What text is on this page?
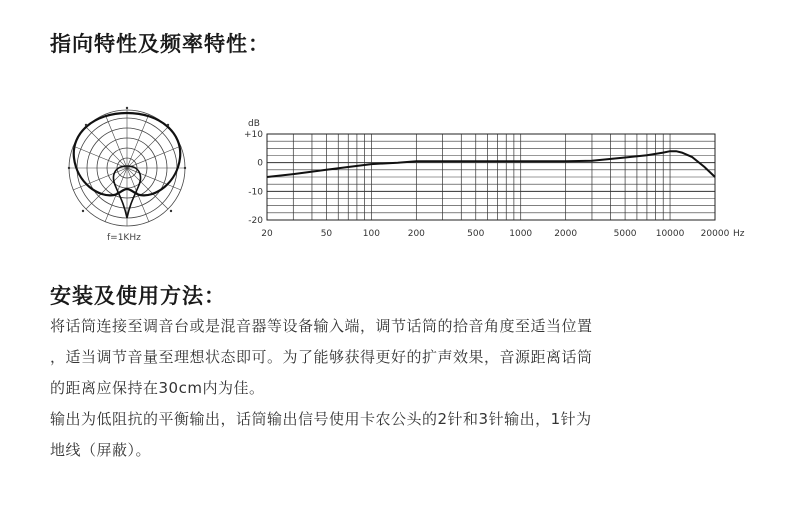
指向特性及频率特性：
f=1KHz
dB
+10
0
-10
-20
20	50	100	200	500	1000 2000	5000 10000 20000 Hz
安装及使用方法：
将话筒连接至调音台或是混音器等设备输入端，调节话筒的拾音角度至适当位置
，适当调节音量至理想状态即可。为了能够获得更好的扩声效果，音源距离话筒
的距离应保持在30cm内为佳。
输出为低阻抗的平衡输出，话筒输出信号使用卡农公头的2针和3针输出，1针为
地线（屏蔽）。
